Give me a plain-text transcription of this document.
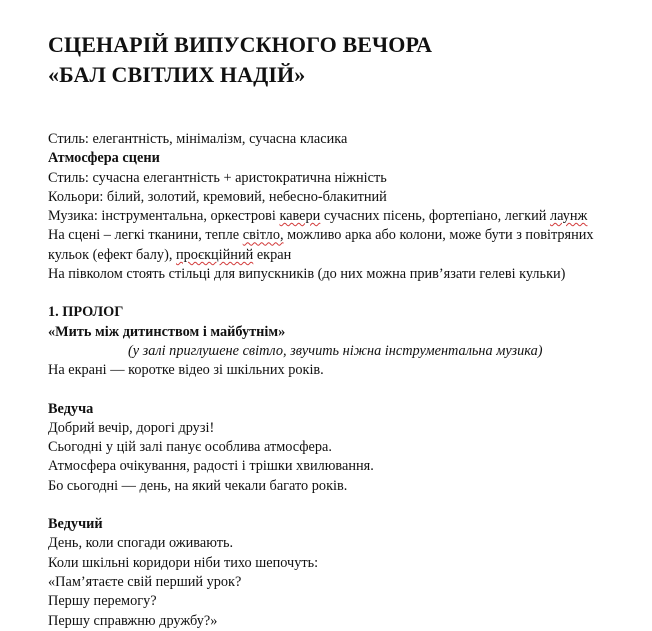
СЦЕНАРІЙ ВИПУСКНОГО ВЕЧОРА
«БАЛ СВІТЛИХ НАДІЙ»
Стиль: елегантність, мінімалізм, сучасна класика
Атмосфера сцени
Стиль: сучасна елегантність + аристократична ніжність
Кольори: білий, золотий, кремовий, небесно-блакитний
Музика: інструментальна, оркестрові кавери сучасних пісень, фортепіано, легкий лаунж
На сцені – легкі тканини, тепле світло, можливо арка або колони, може бути з повітряних кульок (ефект балу), проєкційний екран
На півколом стоять стільці для випускників (до них можна прив’язати гелеві кульки)
1. ПРОЛОГ
«Мить між дитинством і майбутнім»
(у залі приглушене світло, звучить ніжна інструментальна музика)
На екрані — коротке відео зі шкільних років.
Ведуча
Добрий вечір, дорогі друзі!
Сьогодні у цій залі панує особлива атмосфера.
Атмосфера очікування, радості і трішки хвилювання.
Бо сьогодні — день, на який чекали багато років.
Ведучий
День, коли спогади оживають.
Коли шкільні коридори ніби тихо шепочуть:
«Пам’ятаєте свій перший урок?
Першу перемогу?
Першу справжню дружбу?»
